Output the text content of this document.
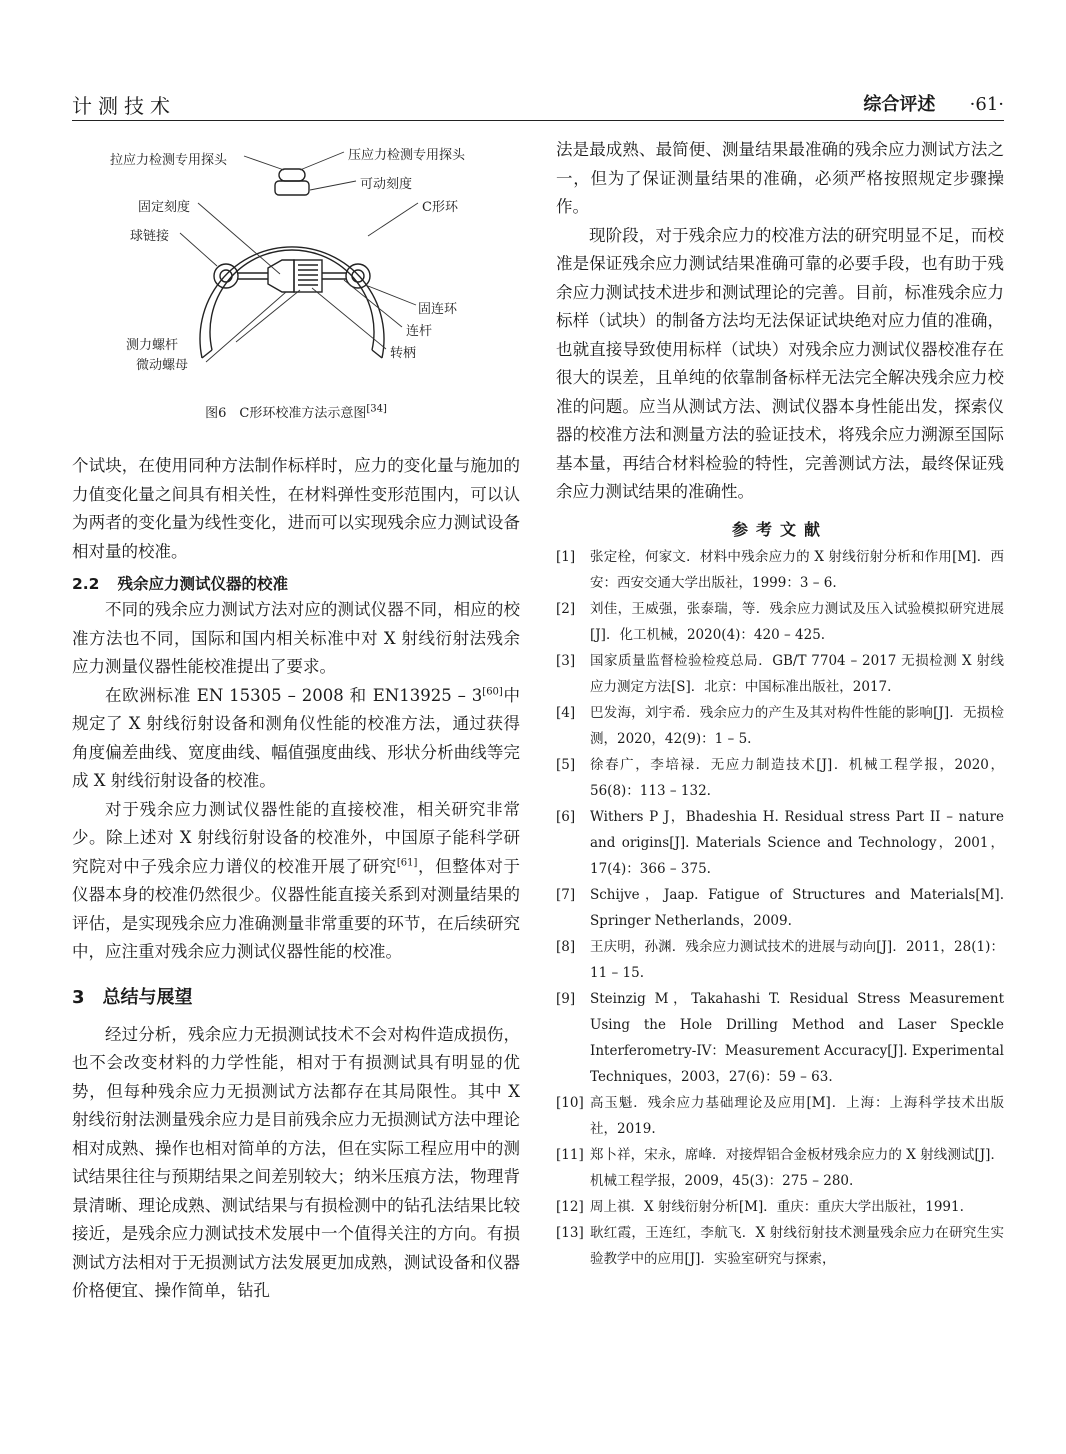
计测技术	综合评述 ·61·
拉应力检测专用探头	压应力检测专用探头
可动刻度
固定刻度	C形环
球链接
固连环
连杆
测力螺杆
转柄
微动螺母
图6　C形环校准方法示意图[34]

个试块，在使用同种方法制作标样时，应力的变化量与施加的力值变化量之间具有相关性，在材料弹性变形范围内，可以认为两者的变化量为线性变化，进而可以实现残余应力测试设备相对量的校准。

2.2 残余应力测试仪器的校准

不同的残余应力测试方法对应的测试仪器不同，相应的校准方法也不同，国际和国内相关标准中对 X 射线衍射法残余应力测量仪器性能校准提出了要求。

在欧洲标准 EN 15305 – 2008 和 EN13925 – 3[60]中规定了 X 射线衍射设备和测角仪性能的校准方法，通过获得角度偏差曲线、宽度曲线、幅值强度曲线、形状分析曲线等完成 X 射线衍射设备的校准。

对于残余应力测试仪器性能的直接校准，相关研究非常少。除上述对 X 射线衍射设备的校准外，中国原子能科学研究院对中子残余应力谱仪的校准开展了研究[61]，但整体对于仪器本身的校准仍然很少。仪器性能直接关系到对测量结果的评估，是实现残余应力准确测量非常重要的环节，在后续研究中，应注重对残余应力测试仪器性能的校准。

3 总结与展望

经过分析，残余应力无损测试技术不会对构件造成损伤，也不会改变材料的力学性能，相对于有损测试具有明显的优势，但每种残余应力无损测试方法都存在其局限性。其中 X 射线衍射法测量残余应力是目前残余应力无损测试方法中理论相对成熟、操作也相对简单的方法，但在实际工程应用中的测试结果往往与预期结果之间差别较大；纳米压痕方法，物理背景清晰、理论成熟、测试结果与有损检测中的钻孔法结果比较接近，是残余应力测试技术发展中一个值得关注的方向。有损测试方法相对于无损测试方法发展更加成熟，测试设备和仪器价格便宜、操作简单，钻孔

法是最成熟、最简便、测量结果最准确的残余应力测试方法之一，但为了保证测量结果的准确，必须严格按照规定步骤操作。

现阶段，对于残余应力的校准方法的研究明显不足，而校准是保证残余应力测试结果准确可靠的必要手段，也有助于残余应力测试技术进步和测试理论的完善。目前，标准残余应力标样（试块）的制备方法均无法保证试块绝对应力值的准确，也就直接导致使用标样（试块）对残余应力测试仪器校准存在很大的误差，且单纯的依靠制备标样无法完全解决残余应力校准的问题。应当从测试方法、测试仪器本身性能出发，探索仪器的校准方法和测量方法的验证技术，将残余应力溯源至国际基本量，再结合材料检验的特性，完善测试方法，最终保证残余应力测试结果的准确性。

参考文献
[1]	张定栓，何家文．材料中残余应力的 X 射线衍射分析和作用[M]．西安：西安交通大学出版社，1999：3 – 6.
[2]	刘佳，王威强，张泰瑞，等．残余应力测试及压入试验模拟研究进展[J]．化工机械，2020(4)：420 – 425.
[3]	国家质量监督检验检疫总局．GB/T 7704 – 2017 无损检测 X 射线应力测定方法[S]．北京：中国标准出版社，2017.
[4]	巴发海，刘宇希．残余应力的产生及其对构件性能的影响[J]．无损检测，2020，42(9)：1 – 5.
[5]	徐春广，李培禄．无应力制造技术[J]．机械工程学报，2020，56(8)：113 – 132.
[6]	Withers P J，Bhadeshia H. Residual stress Part II – nature and origins[J]. Materials Science and Technology，2001，17(4)：366 – 375.
[7]	Schijve，Jaap. Fatigue of Structures and Materials[M]. Springer Netherlands，2009.
[8]	王庆明，孙渊．残余应力测试技术的进展与动向[J]．2011，28(1)：11 – 15.
[9]	Steinzig M，Takahashi T. Residual Stress Measurement Using the Hole Drilling Method and Laser Speckle Interferometry-IV：Measurement Accuracy[J]. Experimental Techniques，2003，27(6)：59 – 63.
[10] 高玉魁．残余应力基础理论及应用[M]．上海：上海科学技术出版社，2019.
[11] 郑卜祥，宋永，席峰．对接焊铝合金板材残余应力的 X 射线测试[J]．机械工程学报，2009，45(3)：275 – 280.
[12] 周上祺．X 射线衍射分析[M]．重庆：重庆大学出版社，1991.
[13] 耿红霞，王连红，李航飞．X 射线衍射技术测量残余应力在研究生实验教学中的应用[J]．实验室研究与探索，
